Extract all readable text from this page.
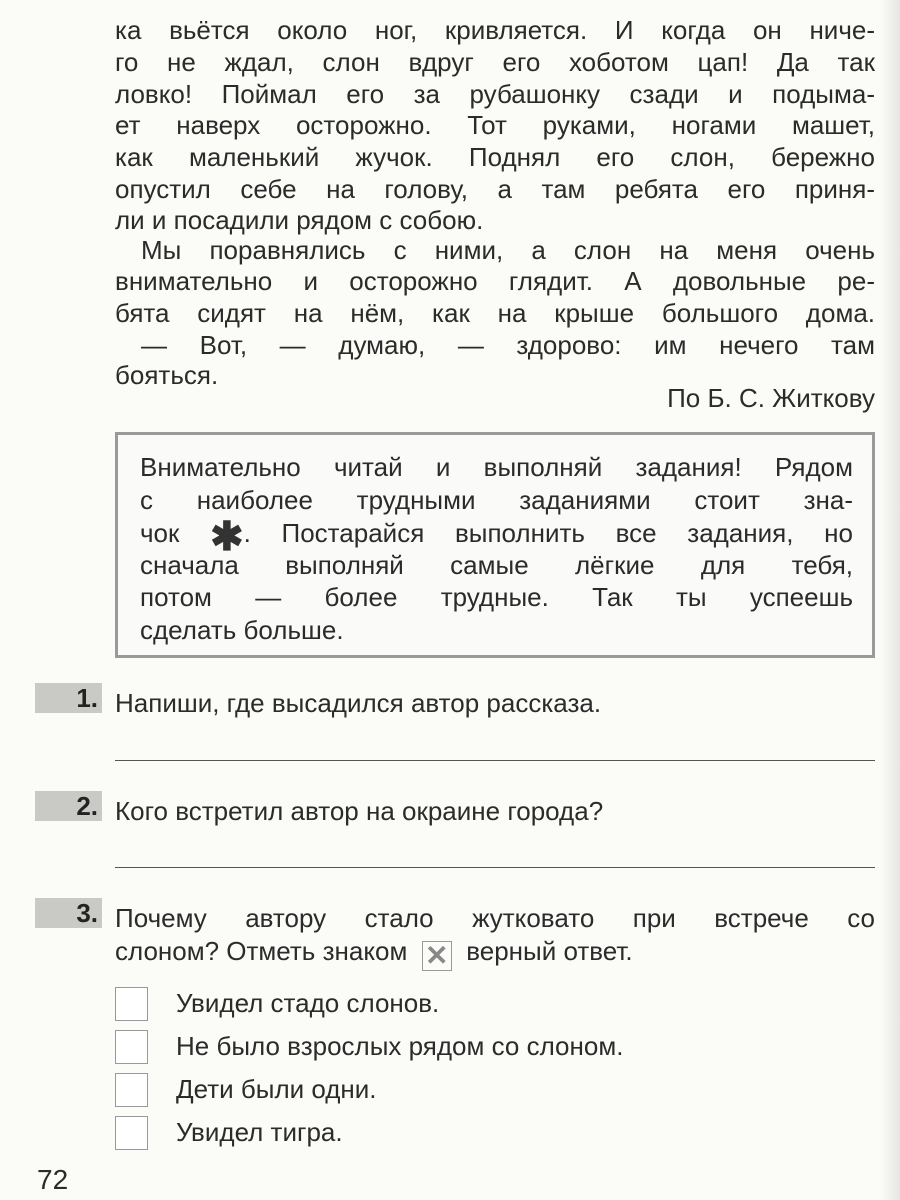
ка вьётся около ног, кривляется. И когда он ниче-
го не ждал, слон вдруг его хоботом цап! Да так
ловко! Поймал его за рубашонку сзади и подыма-
ет наверх осторожно. Тот руками, ногами машет,
как маленький жучок. Поднял его слон, бережно
опустил себе на голову, а там ребята его приня-
ли и посадили рядом с собою.
Мы поравнялись с ними, а слон на меня очень
внимательно и осторожно глядит. А довольные ре-
бята сидят на нём, как на крыше большого дома.
— Вот, — думаю, — здорово: им нечего там
бояться.
По Б. С. Житкову
Внимательно читай и выполняй задания! Рядом
с наиболее трудными заданиями стоит зна-
чок ✱. Постарайся выполнить все задания, но
сначала выполняй самые лёгкие для тебя,
потом — более трудные. Так ты успеешь
сделать больше.
1. Напиши, где высадился автор рассказа.
2. Кого встретил автор на окраине города?
3. Почему автору стало жутковато при встрече со
слоном? Отметь знаком ✕ верный ответ.
Увидел стадо слонов.
Не было взрослых рядом со слоном.
Дети были одни.
Увидел тигра.
72
